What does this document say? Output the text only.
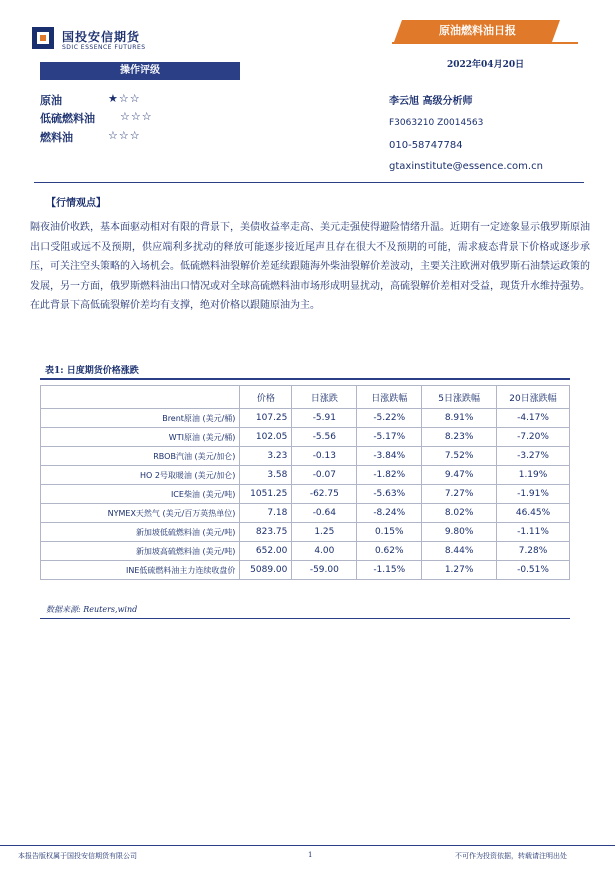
国投安信期货
SDIC ESSENCE FUTURES
原油燃料油日报
2022年04月20日
操作评级
原油	★☆☆
低硫燃料油 ☆☆☆
燃料油	☆☆☆
李云旭 高级分析师
F3063210 Z0014563
010-58747784
gtaxinstitute@essence.com.cn
【行情观点】
隔夜油价收跌，基本面驱动相对有限的背景下，美债收益率走高、美元走强使得避险情绪升温。近期有一定迹象显示俄罗斯原油出口受阻或远不及预期，供应端利多扰动的释放可能逐步接近尾声且存在很大不及预期的可能，需求疲态背景下价格或逐步承压，可关注空头策略的入场机会。低硫燃料油裂解价差延续跟随海外柴油裂解价差波动，主要关注欧洲对俄罗斯石油禁运政策的发展，另一方面，俄罗斯燃料油出口情况或对全球高硫燃料油市场形成明显扰动，高硫裂解价差相对受益，现货升水维持强势。在此背景下高低硫裂解价差均有支撑，绝对价格以跟随原油为主。
表1: 日度期货价格涨跌
	价格	日涨跌	日涨跌幅	5日涨跌幅	20日涨跌幅
Brent原油 (美元/桶)	107.25	-5.91	-5.22%	8.91%	-4.17%
WTI原油 (美元/桶)	102.05	-5.56	-5.17%	8.23%	-7.20%
RBOB汽油 (美元/加仑)	3.23	-0.13	-3.84%	7.52%	-3.27%
HO 2号取暖油 (美元/加仑)	3.58	-0.07	-1.82%	9.47%	1.19%
ICE柴油 (美元/吨)	1051.25	-62.75	-5.63%	7.27%	-1.91%
NYMEX天然气 (美元/百万英热单位)	7.18	-0.64	-8.24%	8.02%	46.45%
新加坡低硫燃料油 (美元/吨)	823.75	1.25	0.15%	9.80%	-1.11%
新加坡高硫燃料油 (美元/吨)	652.00	4.00	0.62%	8.44%	7.28%
INE低硫燃料油主力连续收盘价	5089.00	-59.00	-1.15%	1.27%	-0.51%
数据来源: Reuters,wind
本报告版权属于国投安信期货有限公司	1	不可作为投资依据，转载请注明出处
